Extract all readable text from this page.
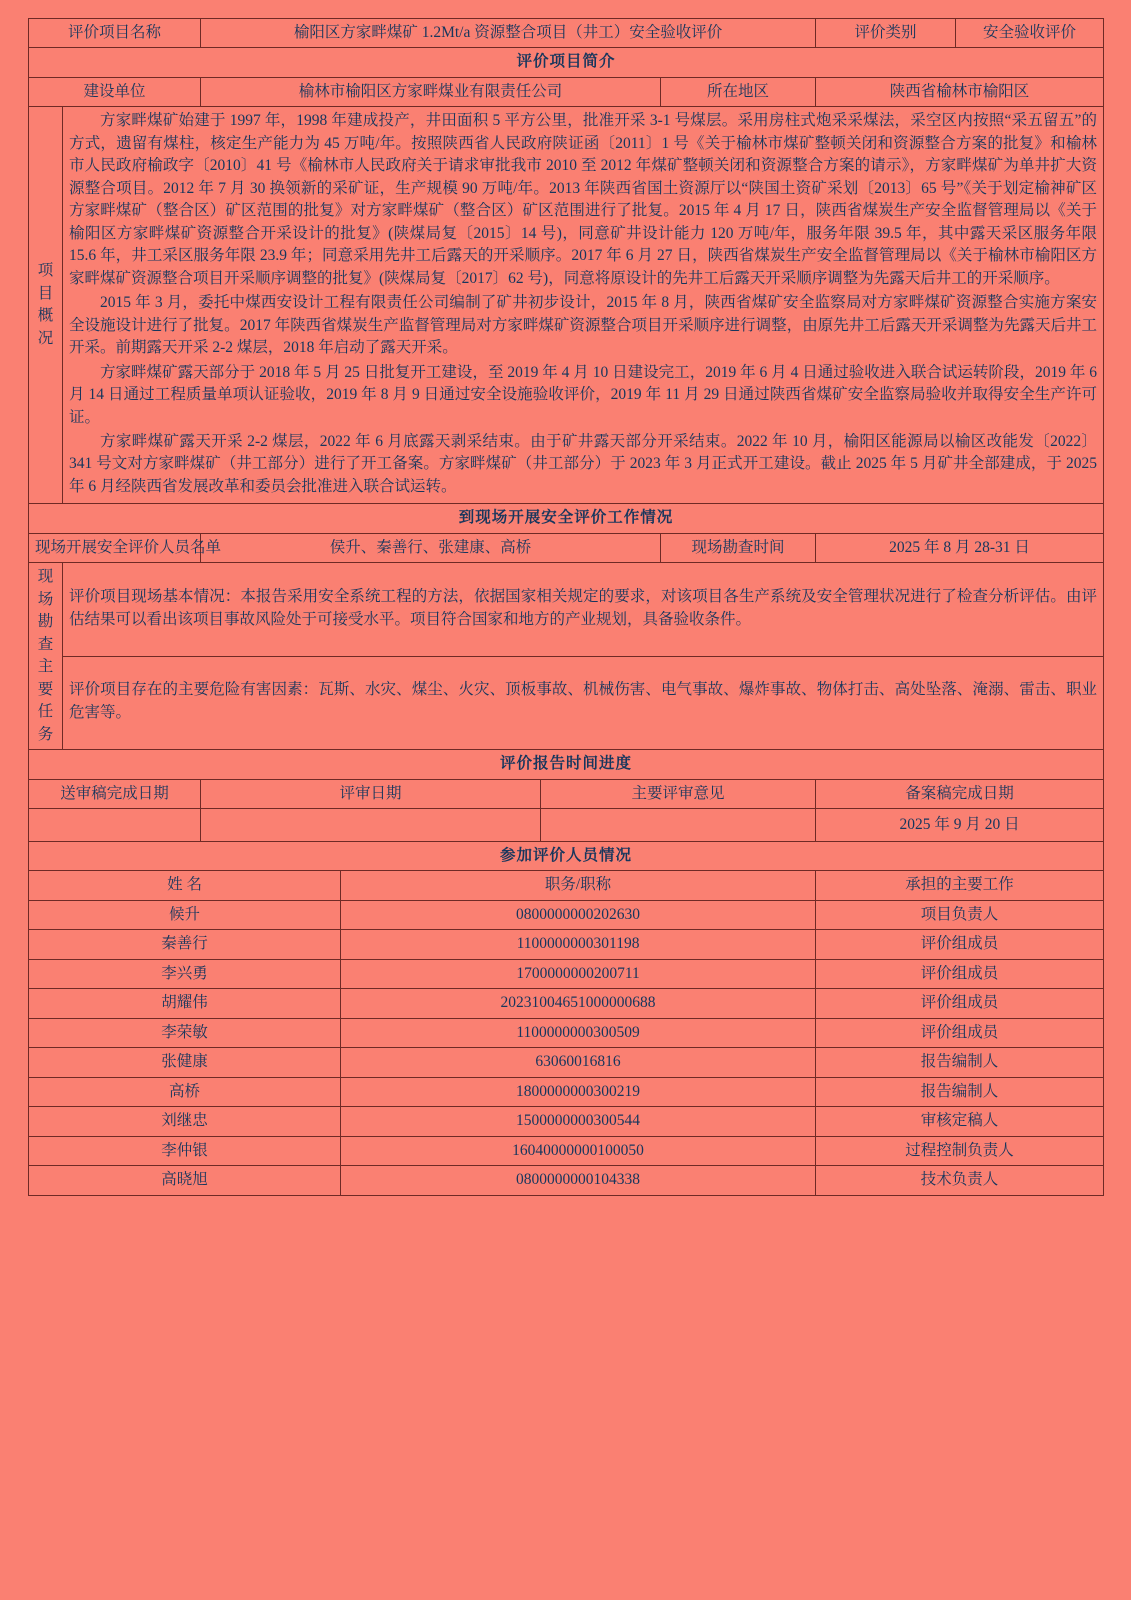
评价项目名称		榆阳区方家畔煤矿 1.2Mt/a 资源整合项目（井工）安全验收评价				评价类别	安全验收评价
评价项目简介							
建设单位		榆林市榆阳区方家畔煤业有限责任公司			所在地区	陕西省榆林市榆阳区	

项
目
概
况

方家畔煤矿始建于 1997 年，1998 年建成投产，井田面积 5 平方公里，批准开采 3-1 号煤层。采用房柱式炮采采煤法，采空区内按照“采五留五”的方式，遗留有煤柱，核定生产能力为 45 万吨/年。按照陕西省人民政府陕证函〔2011〕1 号《关于榆林市煤矿整顿关闭和资源整合方案的批复》和榆林市人民政府榆政字〔2010〕41 号《榆林市人民政府关于请求审批我市 2010 至 2012 年煤矿整顿关闭和资源整合方案的请示》，方家畔煤矿为单井扩大资源整合项目。2012 年 7 月 30 换领新的采矿证，生产规模 90 万吨/年。2013 年陕西省国土资源厅以“陕国土资矿采划〔2013〕65 号”《关于划定榆神矿区方家畔煤矿（整合区）矿区范围的批复》对方家畔煤矿（整合区）矿区范围进行了批复。2015 年 4 月 17 日，陕西省煤炭生产安全监督管理局以《关于榆阳区方家畔煤矿资源整合开采设计的批复》(陕煤局复〔2015〕14 号)，同意矿井设计能力 120 万吨/年，服务年限 39.5 年，其中露天采区服务年限 15.6 年，井工采区服务年限 23.9 年；同意采用先井工后露天的开采顺序。2017 年 6 月 27 日，陕西省煤炭生产安全监督管理局以《关于榆林市榆阳区方家畔煤矿资源整合项目开采顺序调整的批复》(陕煤局复〔2017〕62 号)，同意将原设计的先井工后露天开采顺序调整为先露天后井工的开采顺序。

2015 年 3 月，委托中煤西安设计工程有限责任公司编制了矿井初步设计，2015 年 8 月，陕西省煤矿安全监察局对方家畔煤矿资源整合实施方案安全设施设计进行了批复。2017 年陕西省煤炭生产监督管理局对方家畔煤矿资源整合项目开采顺序进行调整，由原先井工后露天开采调整为先露天后井工开采。前期露天开采 2-2 煤层，2018 年启动了露天开采。

方家畔煤矿露天部分于 2018 年 5 月 25 日批复开工建设，至 2019 年 4 月 10 日建设完工，2019 年 6 月 4 日通过验收进入联合试运转阶段，2019 年 6 月 14 日通过工程质量单项认证验收，2019 年 8 月 9 日通过安全设施验收评价，2019 年 11 月 29 日通过陕西省煤矿安全监察局验收并取得安全生产许可证。

方家畔煤矿露天开采 2-2 煤层，2022 年 6 月底露天剥采结束。由于矿井露天部分开采结束。2022 年 10 月，榆阳区能源局以榆区改能发〔2022〕341 号文对方家畔煤矿（井工部分）进行了开工备案。方家畔煤矿（井工部分）于 2023 年 3 月正式开工建设。截止 2025 年 5 月矿井全部建成，于 2025 年 6 月经陕西省发展改革和委员会批准进入联合试运转。

到现场开展安全评价工作情况							
现场开展安全评价人员名单		侯升、秦善行、张建康、高桥			现场勘查时间	2025 年 8 月 28-31 日	

现场
勘查
主要
任务	评价项目现场基本情况：本报告采用安全系统工程的方法，依据国家相关规定的要求，对该项目各生产系统及安全管理状况进行了检查分析评估。由评估结果可以看出该项目事故风险处于可接受水平。项目符合国家和地方的产业规划，具备验收条件。						

	评价项目存在的主要危险有害因素：瓦斯、水灾、煤尘、火灾、顶板事故、机械伤害、电气事故、爆炸事故、物体打击、高处坠落、淹溺、雷击、职业危害等。						

评价报告时间进度							
送审稿完成日期		评审日期		主要评审意见		备案稿完成日期	
						2025 年 9 月 20 日	
参加评价人员情况							
姓 名			职务/职称			承担的主要工作	
候升			0800000000202630			项目负责人	
秦善行			1100000000301198			评价组成员	
李兴勇			1700000000200711			评价组成员	
胡耀伟			20231004651000000688			评价组成员	
李荣敏			1100000000300509			评价组成员	
张健康			63060016816			报告编制人	
高桥			1800000000300219			报告编制人	
刘继忠			1500000000300544			审核定稿人	
李仲银			16040000000100050			过程控制负责人	
高晓旭			0800000000104338			技术负责人	
